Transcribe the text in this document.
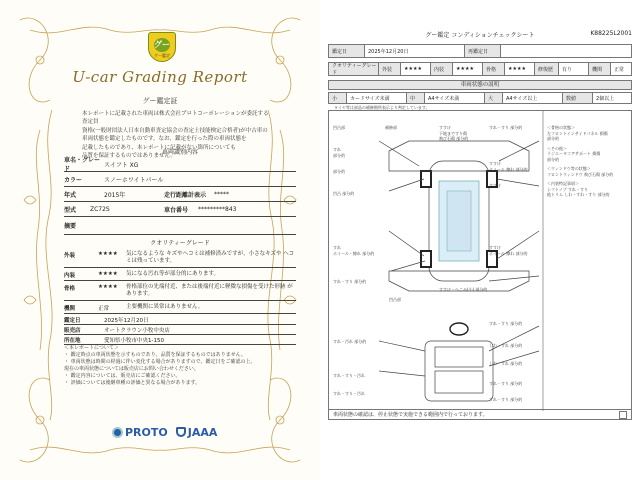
グー
グー鑑定
U-car Grading Report
グー鑑定証
本レポートに記載された車両は株式会社プロトコーポレーションが委託する査定員
資格(一般財団法人日本自動車査定協会の査定士技能検定合格者)が中古車の
車両状態を鑑定したものです。なお、鑑定を行った際の車両状態を
記載したものであり、本レポートに記載がない箇所についても
品質を保証するものではありません。
車両識別内容
車名・グレード
スイフト XG
カラー	スノーホワイトパール
年式	2015年	走行距離計表示	*****
型式	ZC72S	車台番号	*********843
摘要
クオリティーグレード
外装	★★★★	気になるような キズやヘコミは補修済みですが、小さなキズや ヘコミは残っています。
内装	★★★★	気になる汚れ等が部分的にあります。
骨格	★★★★	骨格部位の先端付近、または後端付近に軽微な損傷を受けた形跡 があります。
機関	正常	主要機関に異常はありません。
鑑定日	2025年12月20日
販売店	オートクラウン小牧中央店
所在地	愛知県小牧市中央1-150
＜本レポートについて＞
・ 鑑定時点の車両状態を示すものであり、品質を保証するものではありません。
・ 車両状態は時間の経過に伴い変化する場合がありますので、鑑定日をご確認の上、
現在の車両状態については販売店にお問い合わせください。
・ 鑑定内容については、販売店にご確認ください。
・ 評価については後継車種の評価と異なる場合があります。
PROTO JAAA
グー鑑定 コンディションチェックシート	K88225L2001
鑑定日	2025年12月20日	再鑑定日
クオリティーグレード
外装	★★★★	内装	★★★★	骨格	★★★★	修復歴	有り	機関	正常
車両状態の説明
小	カードサイズ未満	中	A4サイズ未満	大	A4サイズ以上	数値	2個以上
タイヤ等は部品の補修箇所表示より判定しています。
凹凸部	補修部	すすけ
下地まですり傷
飛び石傷 部分的
すれ
部分的
すれ・すり 部分的
部分的
すすけ
ホイール 擦れ 部分的
すすけ
凹凸 部分的
すれ
ホイール・擦れ 部分的
すすけ
ホイール 擦れ 部分的
すすけ・へこみ(小) 部分的
すれ・すり 部分的
凹凸部
すれ・すり 部分的
すれ・汚れ 部分的
しわ・すれ 部分的
しわ・すれ 部分的
すれ・すり・汚れ
すれ・すり・汚れ
すれ・すり 部分的
すれ・すり 部分的
＜骨格の状態＞
左フロントインサイドパネル 損傷
部分的
＜その他＞
ラジエータコアサポート 損傷
部分的
＜ウィンドウ等の状態＞
フロントウィンドウ 飛び石傷 部分的
＜内装特記事項＞
シフトノブ すれ・すり
他トリム しわ・すれ・すり 部分的
車両状態の確認は、停止状態で実施できる範囲内で行っております。
